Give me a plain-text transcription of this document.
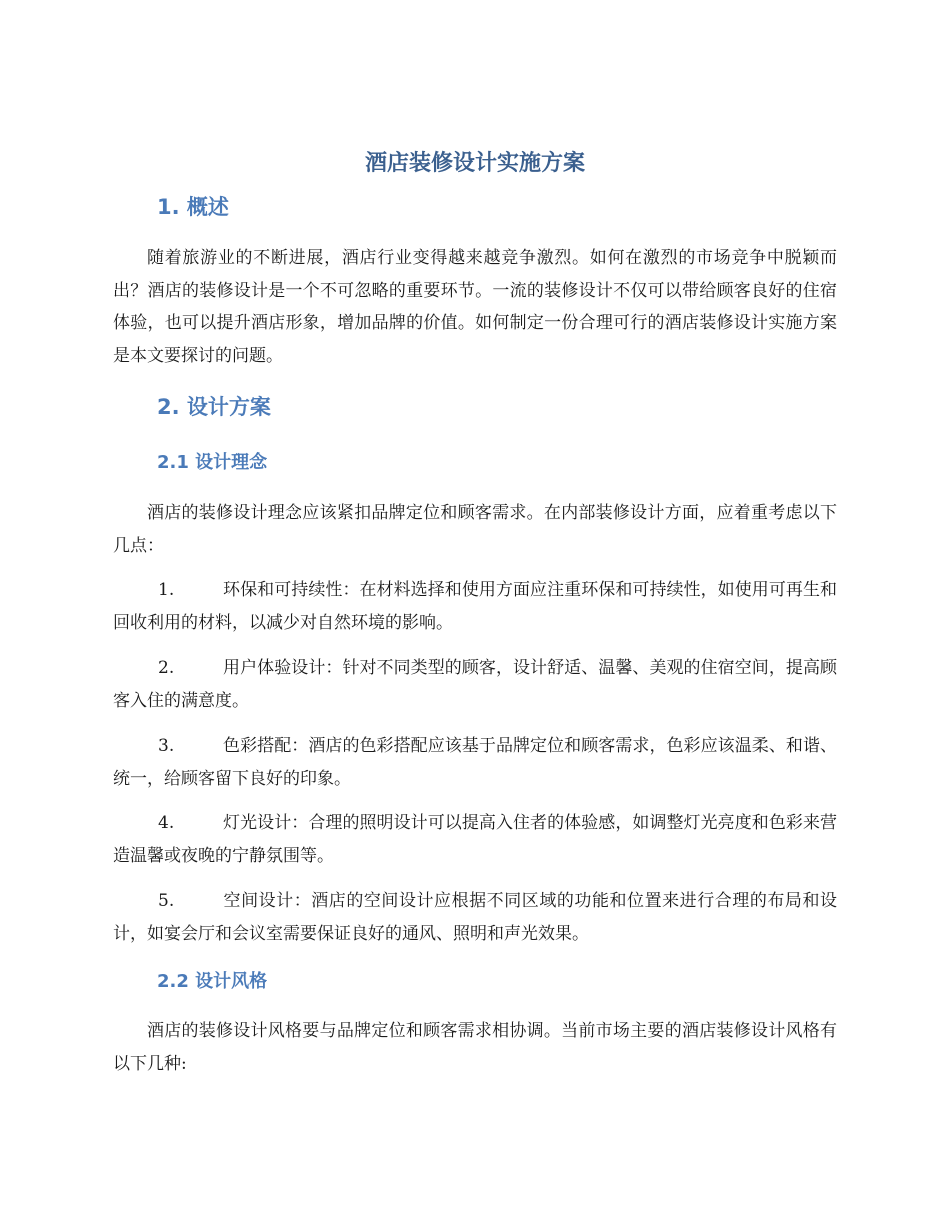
酒店装修设计实施方案
1. 概述

随着旅游业的不断进展，酒店行业变得越来越竞争激烈。如何在激烈的市场竞争中脱颖而出？酒店的装修设计是一个不可忽略的重要环节。一流的装修设计不仅可以带给顾客良好的住宿体验，也可以提升酒店形象，增加品牌的价值。如何制定一份合理可行的酒店装修设计实施方案是本文要探讨的问题。

2. 设计方案
2.1 设计理念

酒店的装修设计理念应该紧扣品牌定位和顾客需求。在内部装修设计方面，应着重考虑以下几点：

1.	环保和可持续性：在材料选择和使用方面应注重环保和可持续性，如使用可再生和回收利用的材料，以减少对自然环境的影响。
2.	用户体验设计：针对不同类型的顾客，设计舒适、温馨、美观的住宿空间，提高顾客入住的满意度。
3.	色彩搭配：酒店的色彩搭配应该基于品牌定位和顾客需求，色彩应该温柔、和谐、统一，给顾客留下良好的印象。
4.	灯光设计：合理的照明设计可以提高入住者的体验感，如调整灯光亮度和色彩来营造温馨或夜晚的宁静氛围等。
5.	空间设计：酒店的空间设计应根据不同区域的功能和位置来进行合理的布局和设计，如宴会厅和会议室需要保证良好的通风、照明和声光效果。
2.2 设计风格

酒店的装修设计风格要与品牌定位和顾客需求相协调。当前市场主要的酒店装修设计风格有以下几种:
